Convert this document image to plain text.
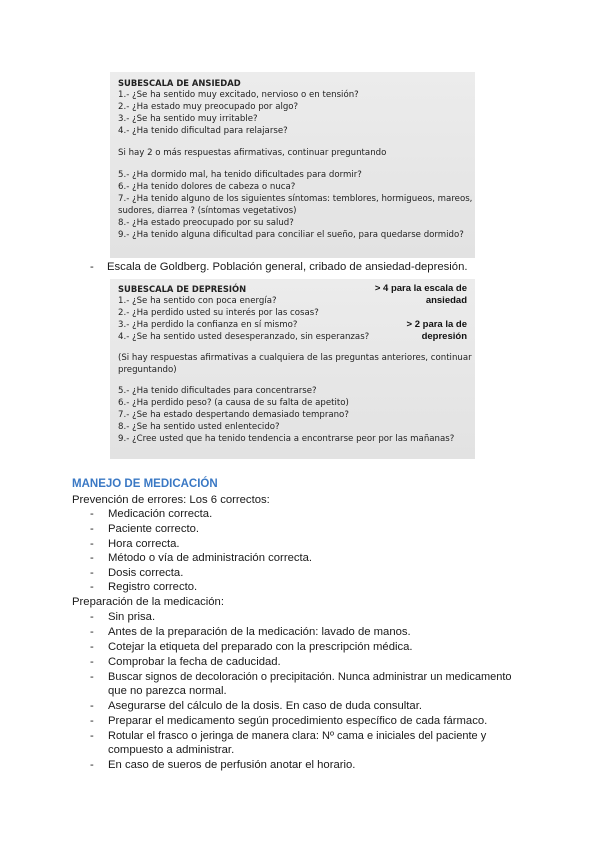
SUBESCALA DE ANSIEDAD
1.- ¿Se ha sentido muy excitado, nervioso o en tensión?
2.- ¿Ha estado muy preocupado por algo?
3.- ¿Se ha sentido muy irritable?
4.- ¿Ha tenido dificultad para relajarse?
Si hay 2 o más respuestas afirmativas, continuar preguntando
5.- ¿Ha dormido mal, ha tenido dificultades para dormir?
6.- ¿Ha tenido dolores de cabeza o nuca?
7.- ¿Ha tenido alguno de los siguientes síntomas: temblores, hormigueos, mareos,
sudores, diarrea ? (síntomas vegetativos)
8.- ¿Ha estado preocupado por su salud?
9.- ¿Ha tenido alguna dificultad para conciliar el sueño, para quedarse dormido?
- Escala de Goldberg. Población general, cribado de ansiedad-depresión.
SUBESCALA DE DEPRESIÓN	> 4 para la escala de
1.- ¿Se ha sentido con poca energía?	ansiedad
2.- ¿Ha perdido usted su interés por las cosas?
3.- ¿Ha perdido la confianza en sí mismo?	> 2 para la de
4.- ¿Se ha sentido usted desesperanzado, sin esperanzas?	depresión
(Si hay respuestas afirmativas a cualquiera de las preguntas anteriores, continuar
preguntando)
5.- ¿Ha tenido dificultades para concentrarse?
6.- ¿Ha perdido peso? (a causa de su falta de apetito)
7.- ¿Se ha estado despertando demasiado temprano?
8.- ¿Se ha sentido usted enlentecido?
9.- ¿Cree usted que ha tenido tendencia a encontrarse peor por las mañanas?
MANEJO DE MEDICACIÓN
Prevención de errores: Los 6 correctos:
- Medicación correcta.
- Paciente correcto.
- Hora correcta.
- Método o vía de administración correcta.
- Dosis correcta.
- Registro correcto.
Preparación de la medicación:
- Sin prisa.
- Antes de la preparación de la medicación: lavado de manos.
- Cotejar la etiqueta del preparado con la prescripción médica.
- Comprobar la fecha de caducidad.
- Buscar signos de decoloración o precipitación. Nunca administrar un medicamento
que no parezca normal.
- Asegurarse del cálculo de la dosis. En caso de duda consultar.
- Preparar el medicamento según procedimiento específico de cada fármaco.
- Rotular el frasco o jeringa de manera clara: Nº cama e iniciales del paciente y
compuesto a administrar.
- En caso de sueros de perfusión anotar el horario.
